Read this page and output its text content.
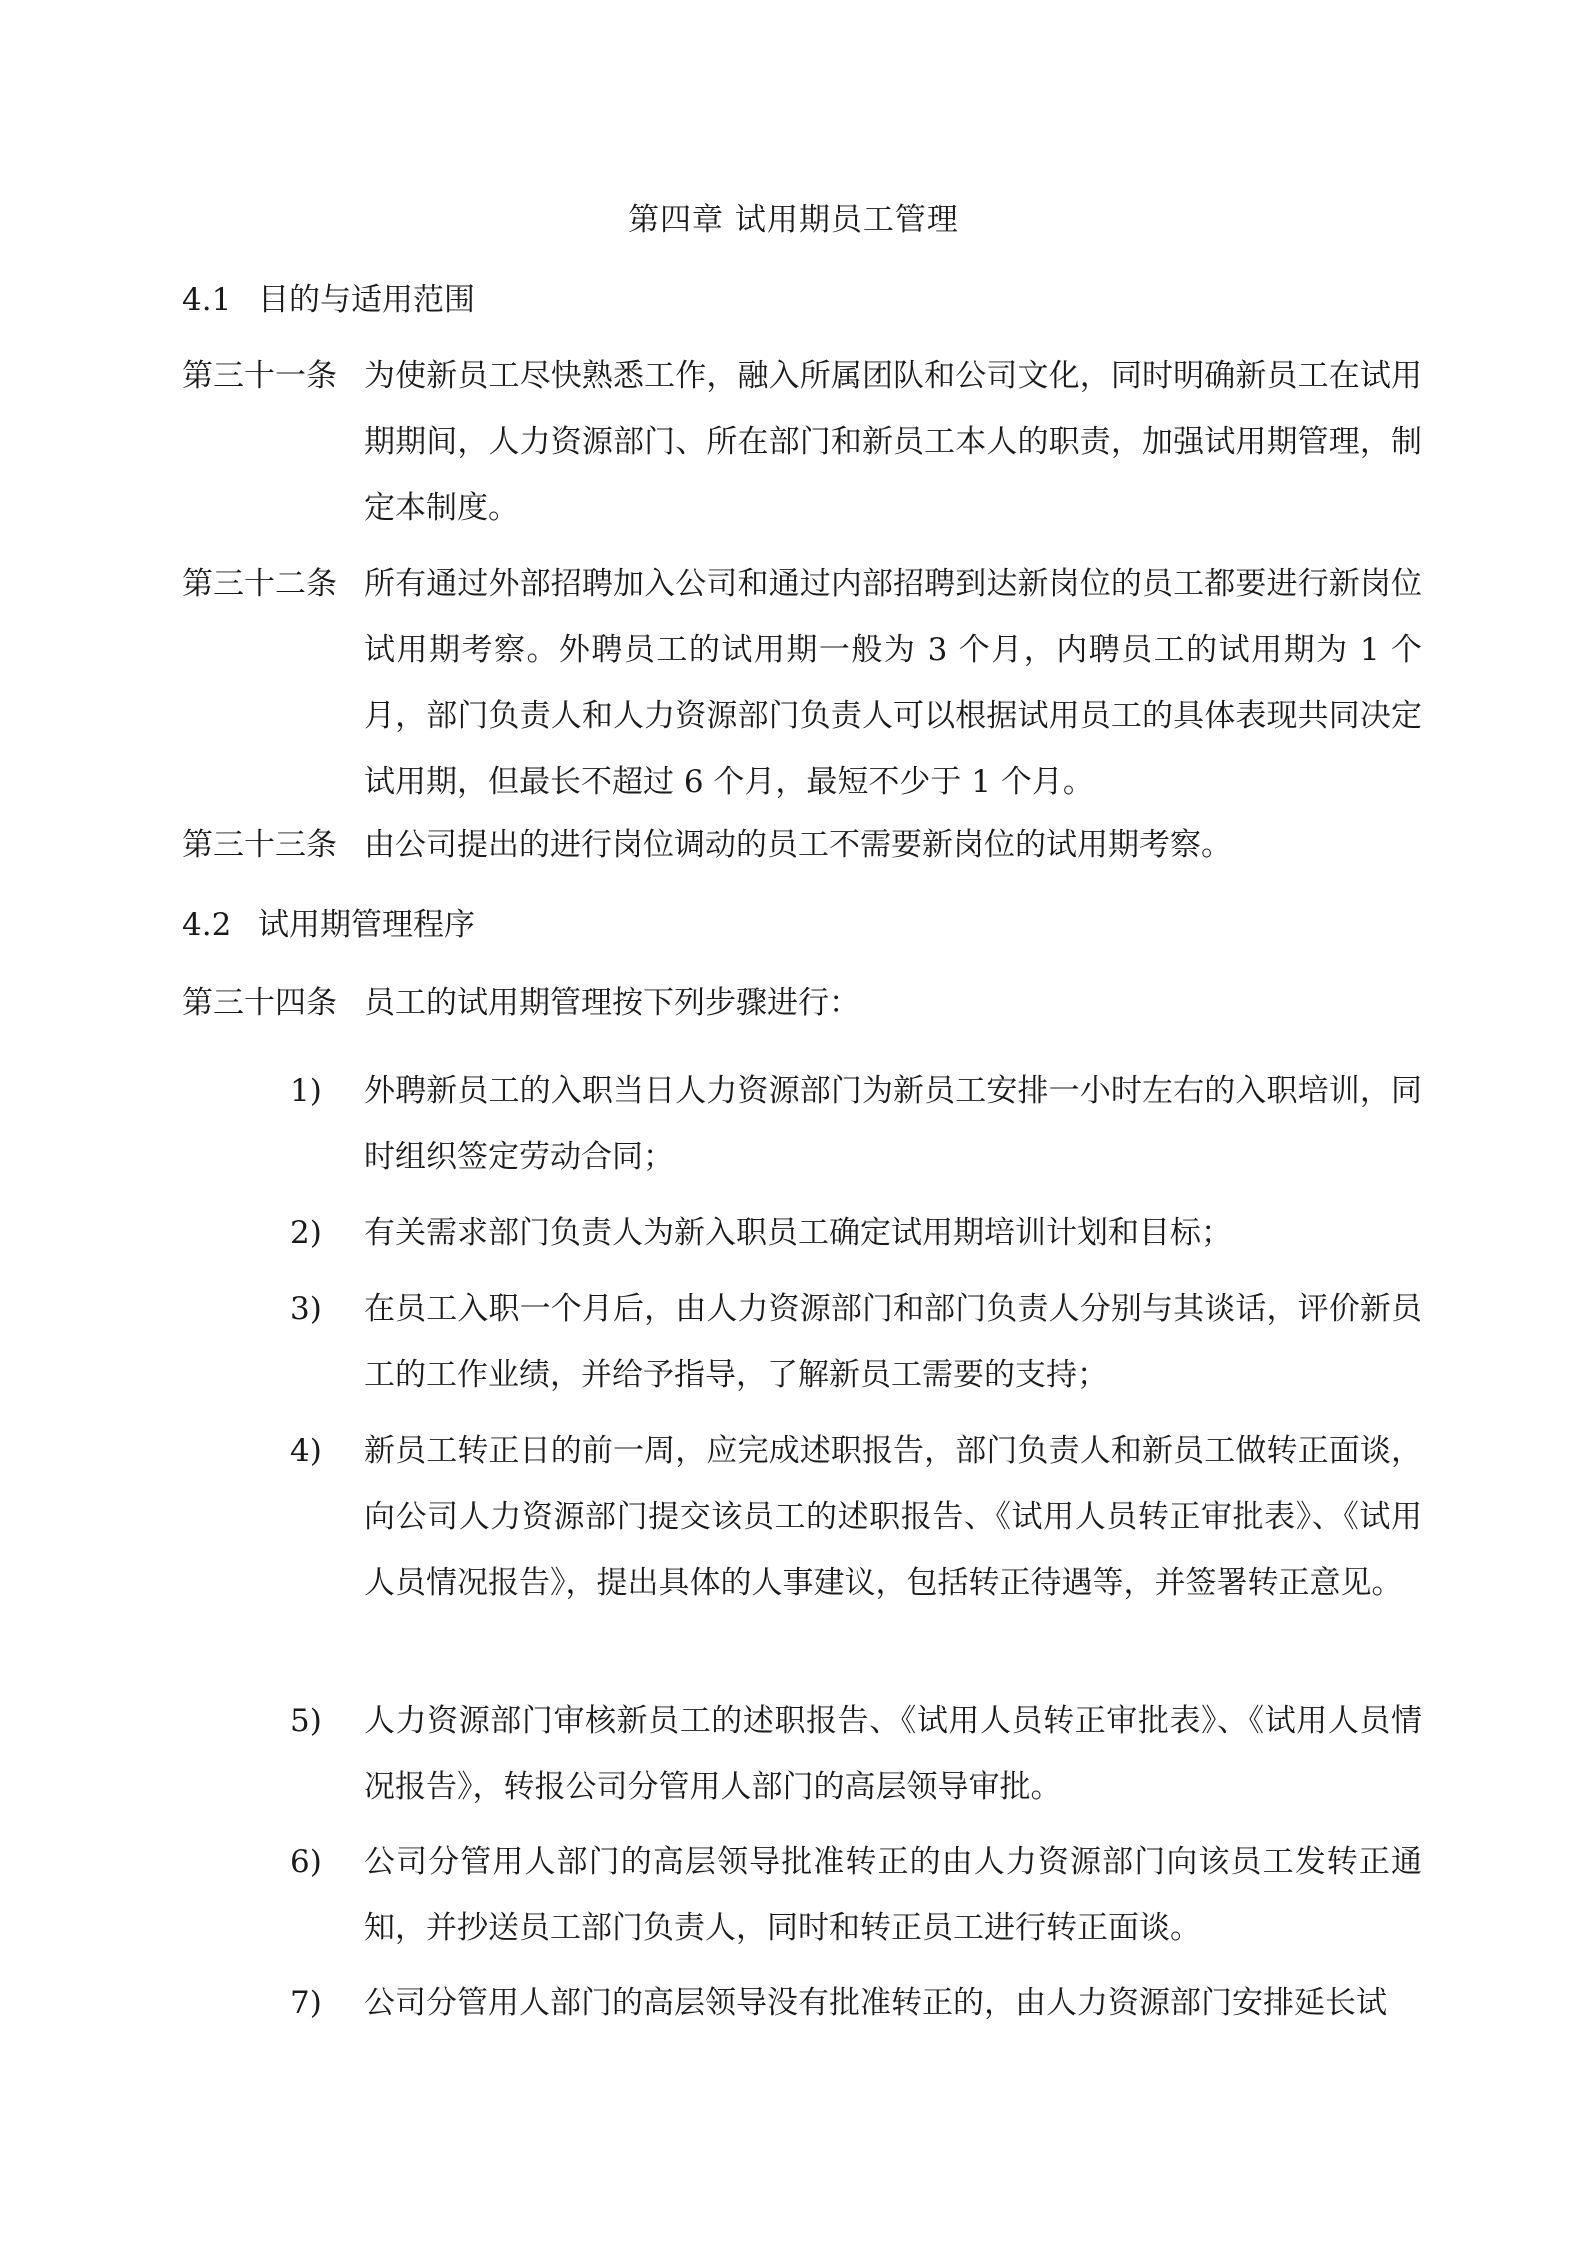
第四章 试用期员工管理
4.1 目的与适用范围
第三十一条 为使新员工尽快熟悉工作，融入所属团队和公司文化，同时明确新员工在试用期期间，人力资源部门、所在部门和新员工本人的职责，加强试用期管理，制定本制度。
第三十二条 所有通过外部招聘加入公司和通过内部招聘到达新岗位的员工都要进行新岗位试用期考察。外聘员工的试用期一般为 3 个月，内聘员工的试用期为 1 个月，部门负责人和人力资源部门负责人可以根据试用员工的具体表现共同决定试用期，但最长不超过 6 个月，最短不少于 1 个月。
第三十三条 由公司提出的进行岗位调动的员工不需要新岗位的试用期考察。
4.2 试用期管理程序
第三十四条 员工的试用期管理按下列步骤进行：
1)	外聘新员工的入职当日人力资源部门为新员工安排一小时左右的入职培训，同时组织签定劳动合同；
2)	有关需求部门负责人为新入职员工确定试用期培训计划和目标；
3)	在员工入职一个月后，由人力资源部门和部门负责人分别与其谈话，评价新员工的工作业绩，并给予指导，了解新员工需要的支持；
4)	新员工转正日的前一周，应完成述职报告，部门负责人和新员工做转正面谈，向公司人力资源部门提交该员工的述职报告、《试用人员转正审批表》、《试用人员情况报告》，提出具体的人事建议，包括转正待遇等，并签署转正意见。
5)	人力资源部门审核新员工的述职报告、《试用人员转正审批表》、《试用人员情况报告》，转报公司分管用人部门的高层领导审批。
6)	公司分管用人部门的高层领导批准转正的由人力资源部门向该员工发转正通知，并抄送员工部门负责人，同时和转正员工进行转正面谈。
7)	公司分管用人部门的高层领导没有批准转正的，由人力资源部门安排延长试
